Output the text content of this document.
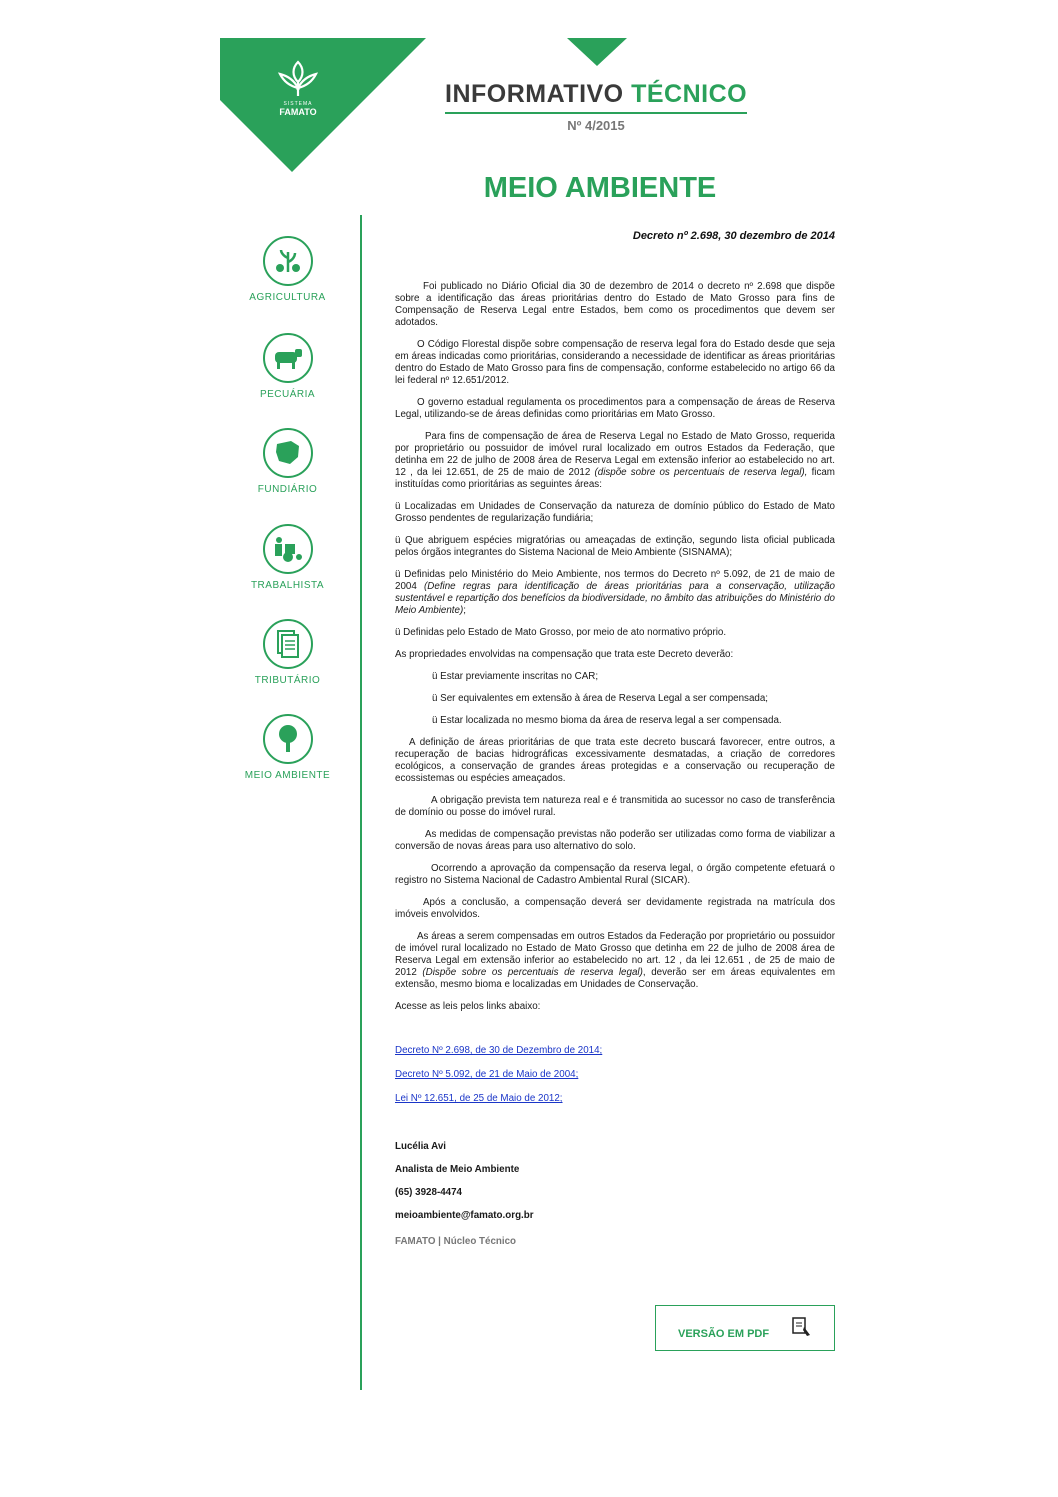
SISTEMA
FAMATO
INFORMATIVO TÉCNICO
Nº 4/2015
MEIO AMBIENTE
Decreto nº 2.698, 30 dezembro de 2014
AGRICULTURA
PECUÁRIA
FUNDIÁRIO
TRABALHISTA
TRIBUTÁRIO
MEIO AMBIENTE

Foi publicado no Diário Oficial dia 30 de dezembro de 2014 o decreto nº 2.698 que dispõe sobre a identificação das áreas prioritárias dentro do Estado de Mato Grosso para fins de Compensação de Reserva Legal entre Estados, bem como os procedimentos que devem ser adotados.

O Código Florestal dispõe sobre compensação de reserva legal fora do Estado desde que seja em áreas indicadas como prioritárias, considerando a necessidade de identificar as áreas prioritárias dentro do Estado de Mato Grosso para fins de compensação, conforme estabelecido no artigo 66 da lei federal nº 12.651/2012.

O governo estadual regulamenta os procedimentos para a compensação de áreas de Reserva Legal, utilizando-se de áreas definidas como prioritárias em Mato Grosso.

Para fins de compensação de área de Reserva Legal no Estado de Mato Grosso, requerida por proprietário ou possuidor de imóvel rural localizado em outros Estados da Federação, que detinha em 22 de julho de 2008 área de Reserva Legal em extensão inferior ao estabelecido no art. 12 , da lei 12.651, de 25 de maio de 2012 (dispõe sobre os percentuais de reserva legal), ficam instituídas como prioritárias as seguintes áreas:

ü Localizadas em Unidades de Conservação da natureza de domínio público do Estado de Mato Grosso pendentes de regularização fundiária;

ü Que abriguem espécies migratórias ou ameaçadas de extinção, segundo lista oficial publicada pelos órgãos integrantes do Sistema Nacional de Meio Ambiente (SISNAMA);

ü Definidas pelo Ministério do Meio Ambiente, nos termos do Decreto nº 5.092, de 21 de maio de 2004 (Define regras para identificação de áreas prioritárias para a conservação, utilização sustentável e repartição dos benefícios da biodiversidade, no âmbito das atribuições do Ministério do Meio Ambiente);

ü Definidas pelo Estado de Mato Grosso, por meio de ato normativo próprio.

As propriedades envolvidas na compensação que trata este Decreto deverão:

ü Estar previamente inscritas no CAR;

ü Ser equivalentes em extensão à área de Reserva Legal a ser compensada;

ü Estar localizada no mesmo bioma da área de reserva legal a ser compensada.

A definição de áreas prioritárias de que trata este decreto buscará favorecer, entre outros, a recuperação de bacias hidrográficas excessivamente desmatadas, a criação de corredores ecológicos, a conservação de grandes áreas protegidas e a conservação ou recuperação de ecossistemas ou espécies ameaçados.

A obrigação prevista tem natureza real e é transmitida ao sucessor no caso de transferência de domínio ou posse do imóvel rural.

As medidas de compensação previstas não poderão ser utilizadas como forma de viabilizar a conversão de novas áreas para uso alternativo do solo.

Ocorrendo a aprovação da compensação da reserva legal, o órgão competente efetuará o registro no Sistema Nacional de Cadastro Ambiental Rural (SICAR).

Após a conclusão, a compensação deverá ser devidamente registrada na matrícula dos imóveis envolvidos.

As áreas a serem compensadas em outros Estados da Federação por proprietário ou possuidor de imóvel rural localizado no Estado de Mato Grosso que detinha em 22 de julho de 2008 área de Reserva Legal em extensão inferior ao estabelecido no art. 12 , da lei 12.651 , de 25 de maio de 2012 (Dispõe sobre os percentuais de reserva legal), deverão ser em áreas equivalentes em extensão, mesmo bioma e localizadas em Unidades de Conservação.

Acesse as leis pelos links abaixo:

Decreto Nº 2.698, de 30 de Dezembro de 2014;

Decreto Nº 5.092, de 21 de Maio de 2004;

Lei Nº 12.651, de 25 de Maio de 2012;

Lucélia Avi
Analista de Meio Ambiente
(65) 3928-4474
meioambiente@famato.org.br
FAMATO | Núcleo Técnico
VERSÃO EM PDF
